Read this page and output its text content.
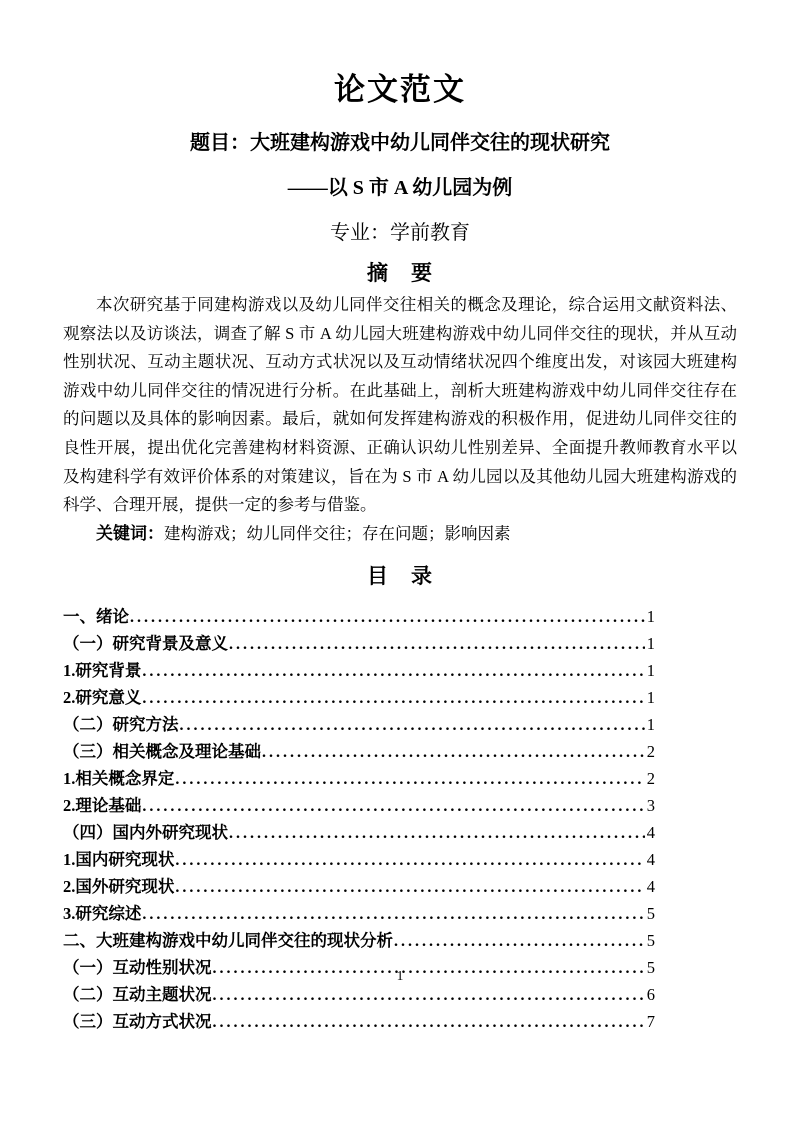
论文范文
题目：大班建构游戏中幼儿同伴交往的现状研究
——以 S 市 A 幼儿园为例
专业：学前教育
摘　要

本次研究基于同建构游戏以及幼儿同伴交往相关的概念及理论，综合运用文献资料法、观察法以及访谈法，调查了解 S 市 A 幼儿园大班建构游戏中幼儿同伴交往的现状，并从互动性别状况、互动主题状况、互动方式状况以及互动情绪状况四个维度出发，对该园大班建构游戏中幼儿同伴交往的情况进行分析。在此基础上，剖析大班建构游戏中幼儿同伴交往存在的问题以及具体的影响因素。最后，就如何发挥建构游戏的积极作用，促进幼儿同伴交往的良性开展，提出优化完善建构材料资源、正确认识幼儿性别差异、全面提升教师教育水平以及构建科学有效评价体系的对策建议，旨在为 S 市 A 幼儿园以及其他幼儿园大班建构游戏的科学、合理开展，提供一定的参考与借鉴。

关键词：建构游戏；幼儿同伴交往；存在问题；影响因素

目　录
一、绪论 .....	1
（一）研究背景及意义 .....	1
1.研究背景 .....	1
2.研究意义 .....	1
（二）研究方法 .....	1
（三）相关概念及理论基础 .....	2
1.相关概念界定 .....	2
2.理论基础 .....	3
（四）国内外研究现状 .....	4
1.国内研究现状 .....	4
2.国外研究现状 .....	4
3.研究综述 .....	5
二、大班建构游戏中幼儿同伴交往的现状分析 .....	5
（一）互动性别状况 .....	5
（二）互动主题状况 .....	6
（三）互动方式状况 .....	7
1
